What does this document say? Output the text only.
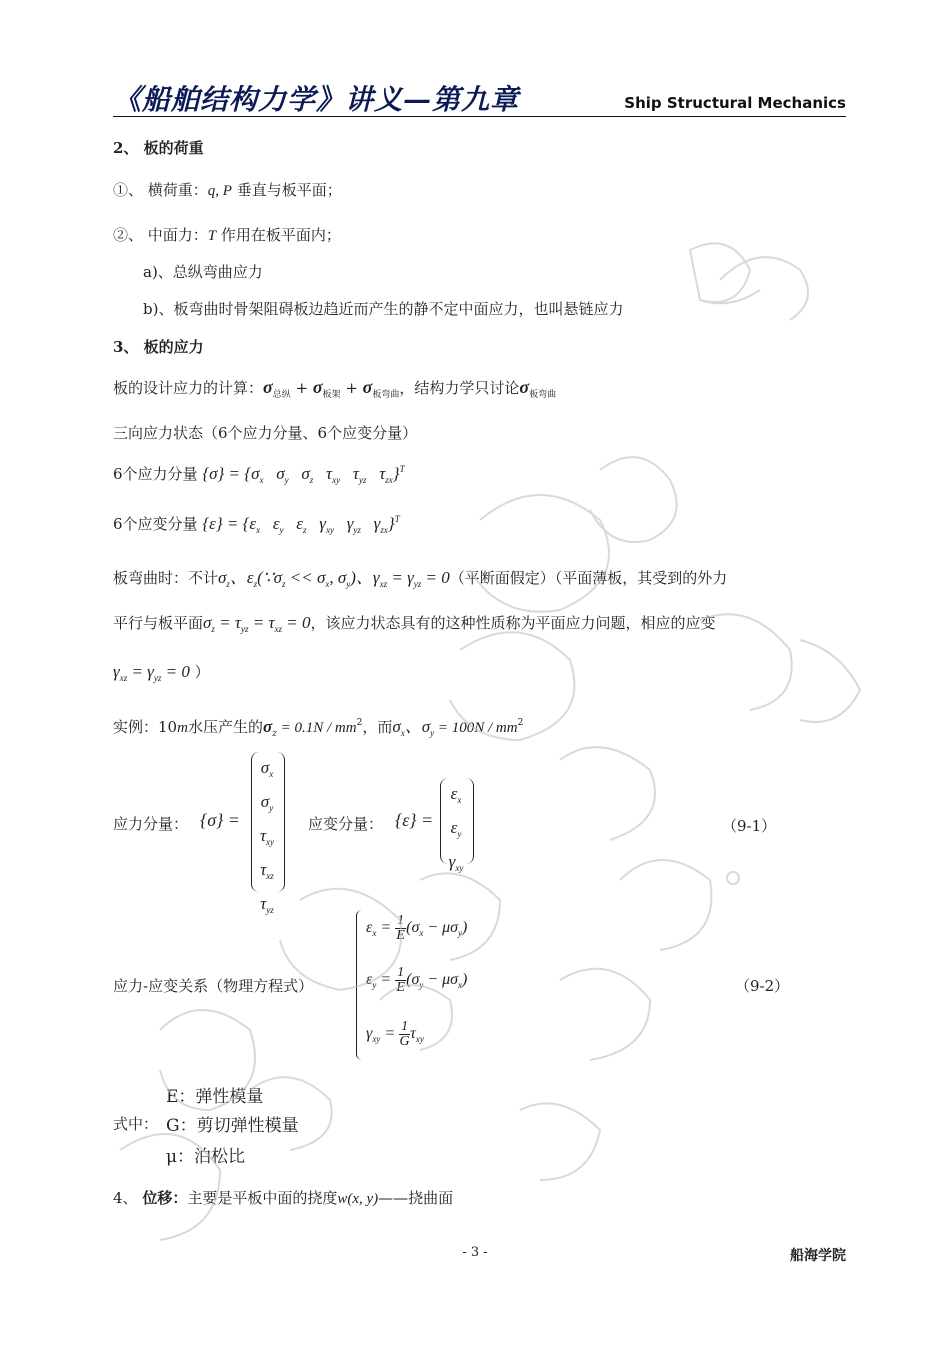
《船舶结构力学》讲义—第九章	Ship Structural Mechanics
2、 板的荷重
①、 横荷重：q, P 垂直与板平面；
②、 中面力：T 作用在板平面内；
a)、总纵弯曲应力
b)、板弯曲时骨架阻碍板边趋近而产生的静不定中面应力，也叫悬链应力
3、 板的应力
板的设计应力的计算：$\sigma_{总纵} + \sigma_{板架} + \sigma_{板弯曲}$，结构力学只讨论$\sigma_{板弯曲}$
三向应力状态（6个应力分量、6个应变分量）
6个应力分量 $\{\sigma\} = \{\sigma_x$   $\sigma_y$   $\sigma_z$   $\tau_{xy}$   $\tau_{yz}$   $\tau_{zx}\}^T$
6个应变分量 $\{\varepsilon\} = \{\varepsilon_x$   $\varepsilon_y$   $\varepsilon_z$   $\gamma_{xy}$   $\gamma_{yz}$   $\gamma_{zx}\}^T$
板弯曲时：不计$\sigma_z$、$\varepsilon_z(\because\sigma_z << \sigma_x$, $\sigma_y$)、$\gamma_{xz} = \gamma_{yz} = 0$（平断面假定）（平面薄板，其受到的外力
平行与板平面$\sigma_z = \tau_{yz} = \tau_{xz} = 0$，该应力状态具有的这种性质称为平面应力问题，相应的应变
$\gamma_{xz} = \gamma_{yz} = 0$ ）
实例：10m水压产生的$\sigma_z = 0.1N / mm^2$，而$\sigma_x$、$\sigma_y = 100N / mm^2$
应力分量： {σ} =
$\sigma_x$
$\sigma_y$
$\tau_{xy}$
$\tau_{xz}$
$\tau_{yz}$
应变分量： {ε} =
$\varepsilon_x$
$\varepsilon_y$
$\gamma_{xy}$
（9-1）
应力-应变关系（物理方程式）
$\varepsilon_x = \frac{1}{E} (\sigma_x - \mu\sigma_y)$
$\varepsilon_y = \frac{1}{E} (\sigma_y - \mu\sigma_x)$
$\gamma_{xy} = \frac{1}{G} \tau_{xy}$
（9-2）
E：弹性模量
式中： G：剪切弹性模量
μ：泊松比
4、 位移：主要是平板中面的挠度w(x, y)——挠曲面
- 3 -	船海学院
